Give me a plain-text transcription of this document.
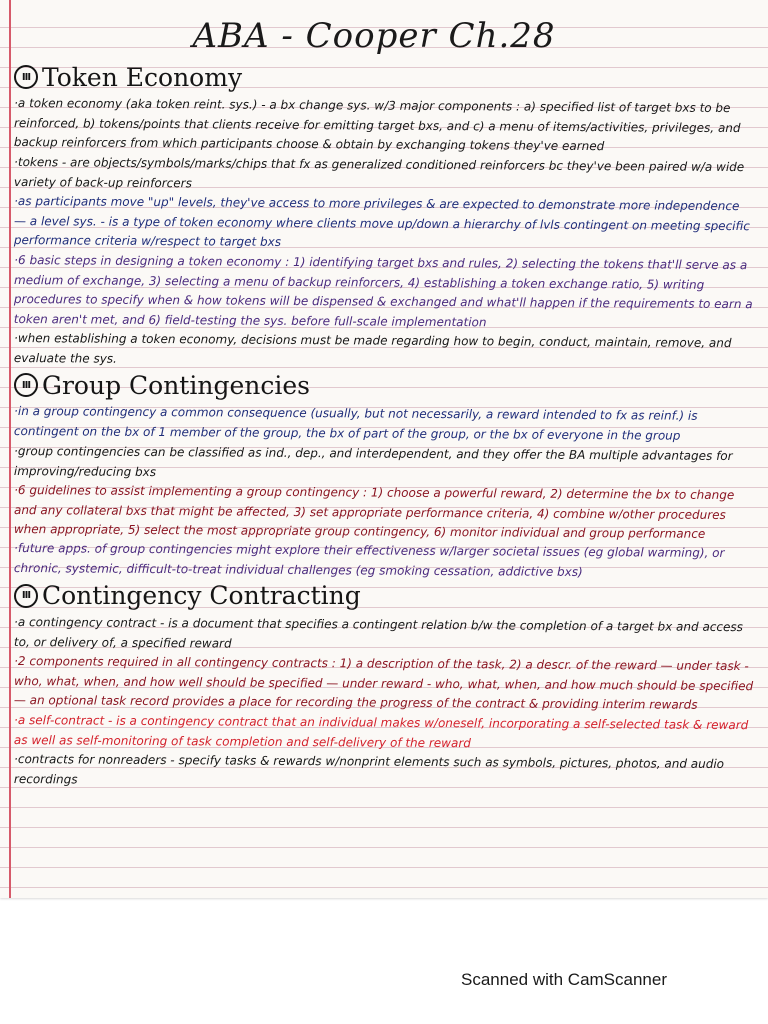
ABA - Cooper Ch.28
III Token Economy

·a token economy (aka token reint. sys.) - a bx change sys. w/3 major components : a) specified list of target bxs to be reinforced, b) tokens/points that clients receive for emitting target bxs, and c) a menu of items/activities, privileges, and backup reinforcers from which participants choose & obtain by exchanging tokens they've earned

·tokens - are objects/symbols/marks/chips that fx as generalized conditioned reinforcers bc they've been paired w/a wide variety of back-up reinforcers

·as participants move "up" levels, they've access to more privileges & are expected to demonstrate more independence — a level sys. - is a type of token economy where clients move up/down a hierarchy of lvls contingent on meeting specific performance criteria w/respect to target bxs

·6 basic steps in designing a token economy : 1) identifying target bxs and rules, 2) selecting the tokens that'll serve as a medium of exchange, 3) selecting a menu of backup reinforcers, 4) establishing a token exchange ratio, 5) writing procedures to specify when & how tokens will be dispensed & exchanged and what'll happen if the requirements to earn a token aren't met, and 6) field-testing the sys. before full-scale implementation

·when establishing a token economy, decisions must be made regarding how to begin, conduct, maintain, remove, and evaluate the sys.

III Group Contingencies

·in a group contingency a common consequence (usually, but not necessarily, a reward intended to fx as reinf.) is contingent on the bx of 1 member of the group, the bx of part of the group, or the bx of everyone in the group

·group contingencies can be classified as ind., dep., and interdependent, and they offer the BA multiple advantages for improving/reducing bxs

·6 guidelines to assist implementing a group contingency : 1) choose a powerful reward, 2) determine the bx to change and any collateral bxs that might be affected, 3) set appropriate performance criteria, 4) combine w/other procedures when appropriate, 5) select the most appropriate group contingency, 6) monitor individual and group performance

·future apps. of group contingencies might explore their effectiveness w/larger societal issues (eg global warming), or chronic, systemic, difficult-to-treat individual challenges (eg smoking cessation, addictive bxs)

III Contingency Contracting

·a contingency contract - is a document that specifies a contingent relation b/w the completion of a target bx and access to, or delivery of, a specified reward

·2 components required in all contingency contracts : 1) a description of the task, 2) a descr. of the reward — under task - who, what, when, and how well should be specified — under reward - who, what, when, and how much should be specified — an optional task record provides a place for recording the progress of the contract & providing interim rewards

·a self-contract - is a contingency contract that an individual makes w/oneself, incorporating a self-selected task & reward as well as self-monitoring of task completion and self-delivery of the reward

·contracts for nonreaders - specify tasks & rewards w/nonprint elements such as symbols, pictures, photos, and audio recordings

Scanned with CamScanner
